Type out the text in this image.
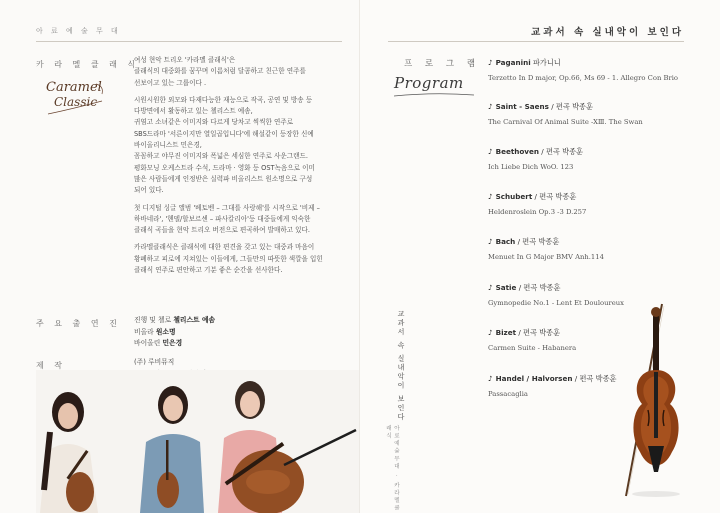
아 료 예 술 무 대
카 라 멜 클 래 식
Caramel
Classic
여성 현악 트리오 '카라멜 클래식'은
클래식의 대중화를 꿈꾸며 이름처럼 달콤하고 친근한 연주를
선보이고 있는 그룹이다 .
시원시원한 외모와 다재다능한 재능으로 작곡, 공연 및 방송 등
다방면에서 활동하고 있는 첼리스트 예솜,
귀염고 소녀같은 이미지와 다르게 당차고 씩씩한 연주로
SBS드라마 '서른이지만 열일곱입니다'에 해설같이 등장한 신예
바이올리니스트 민은경,
꼼꼼하고 야무진 이미지와 폭넓은 세심한 연주로 사운그랜드.
평화모닝 오케스트라 수석, 드라마 · 영화 등 OST녹음으로 이미
많은 사람들에게 인정받은 실력파 비올리스트 원소명으로 구성
되어 있다.
첫 디지털 싱글 앨범 '베토벤 – 그대를 사랑해'를 시작으로 '비제 –
하바네라', '헨델/할보르센 – 파사칼리아'등 대중들에게 익숙한
클래식 곡들을 현악 트리오 버전으로 편곡하여 발매하고 있다.
카라멜클래식은 클래식에 대한 편견을 갖고 있는 대중과 마음이
황폐하고 피로에 지쳐있는 이들에게, 그들만의 따뜻한 색깔을 입힌
클래식 연주로 편안하고 기분 좋은 순간을 선사한다.
주 요 출 연 진 진행 및 첼로 첼리스트 예솜
비올라 원소명
바이올린 민은경
제 작	(주) 루비뮤직
교과서 속 실내악이 보인다
프 로 그 램
Program
교과서 속 실내악이 보인다
아료예술무대 · 카라멜클래식
♪ Paganini 파가니니
Terzetto In D major, Op.66, Ms 69 - 1. Allegro Con Brio
♪ Saint - Saens / 편곡 박종훈
The Carnival Of Animal Suite -XⅢ. The Swan
♪ Beethoven / 편곡 박종훈
Ich Liebe Dich WoO. 123
♪ Schubert / 편곡 박종훈
Heldenroslein Op.3 -3 D.257
♪ Bach / 편곡 박종훈
Menuet In G Major BMV Anh.114
♪ Satie / 편곡 박종훈
Gymnopedie No.1 - Lent Et Douloureux
♪ Bizet / 편곡 박종훈
Carmen Suite - Habanera
♪ Handel / Halvorsen / 편곡 박종훈
Passacaglia
